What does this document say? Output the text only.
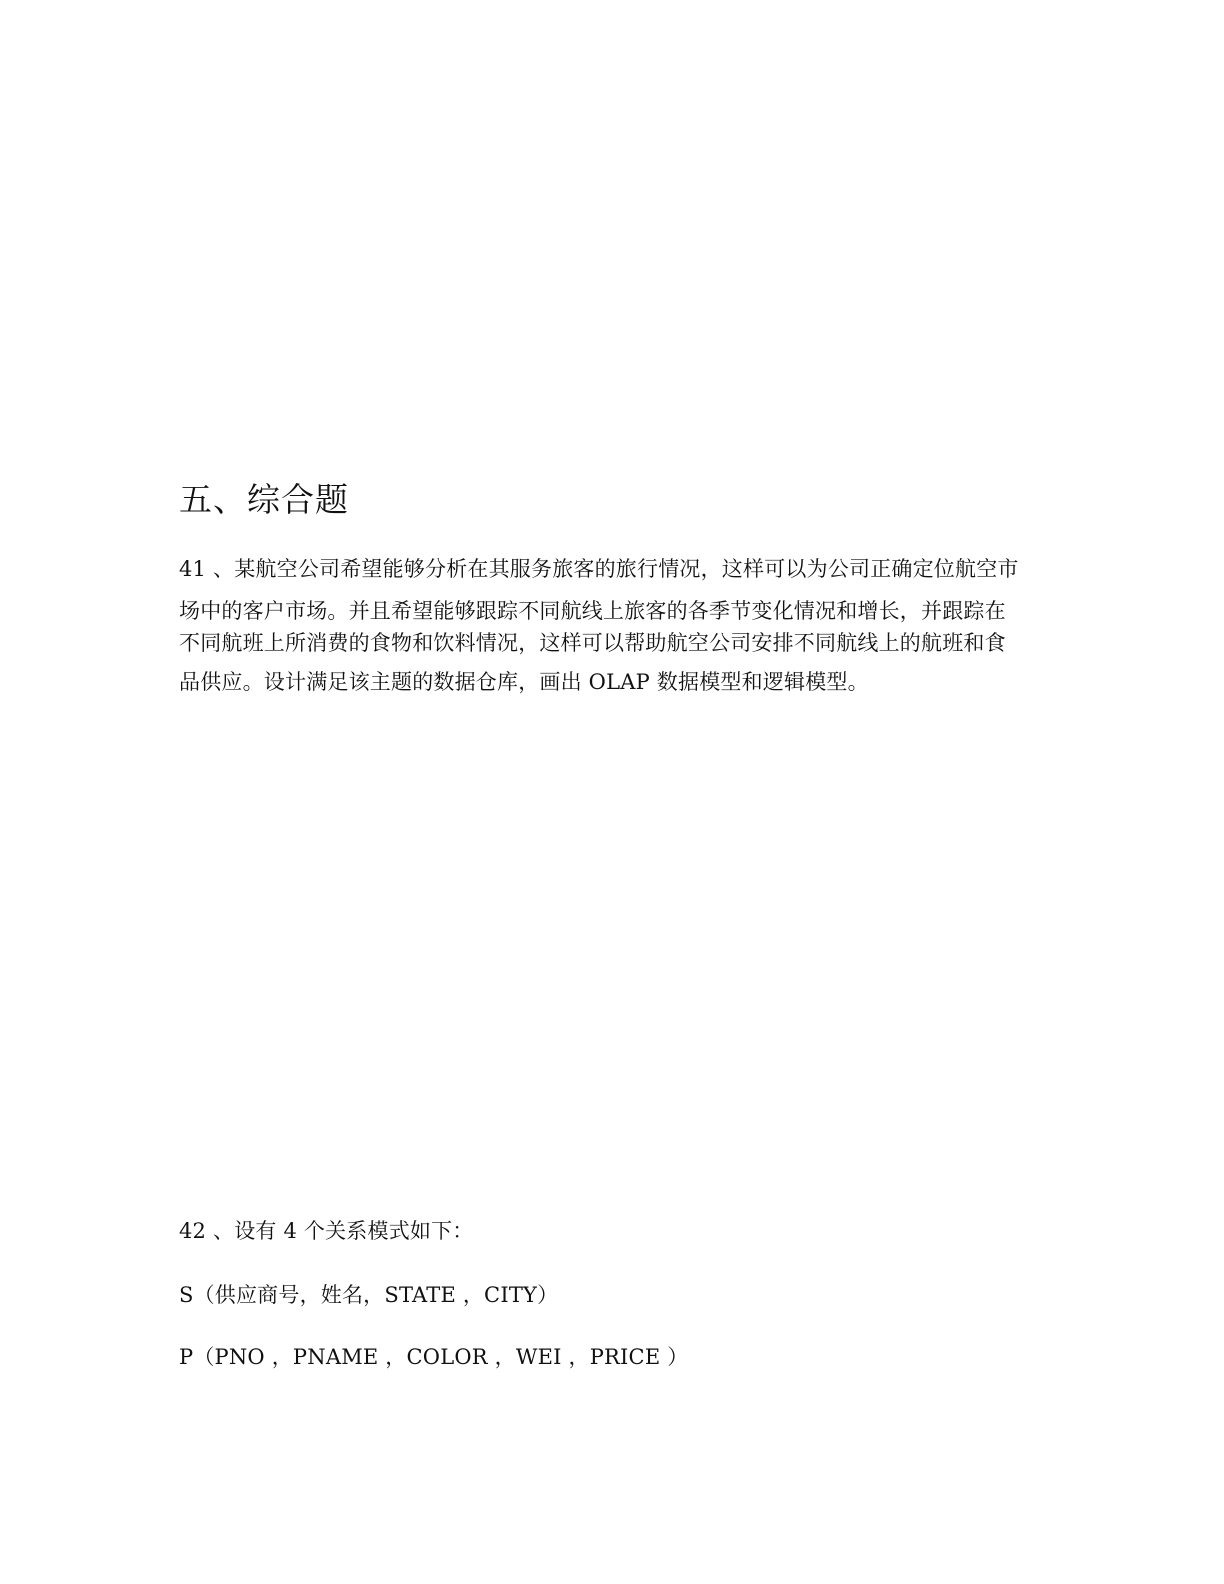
五、综合题
41 、某航空公司希望能够分析在其服务旅客的旅行情况，这样可以为公司正确定位航空市
场中的客户市场。并且希望能够跟踪不同航线上旅客的各季节变化情况和增长，并跟踪在
不同航班上所消费的食物和饮料情况，这样可以帮助航空公司安排不同航线上的航班和食
品供应。设计满足该主题的数据仓库，画出 OLAP 数据模型和逻辑模型。
42 、设有 4 个关系模式如下：
S（供应商号，姓名，STATE ，CITY）
P（PNO ，PNAME ，COLOR ，WEI ，PRICE ）
